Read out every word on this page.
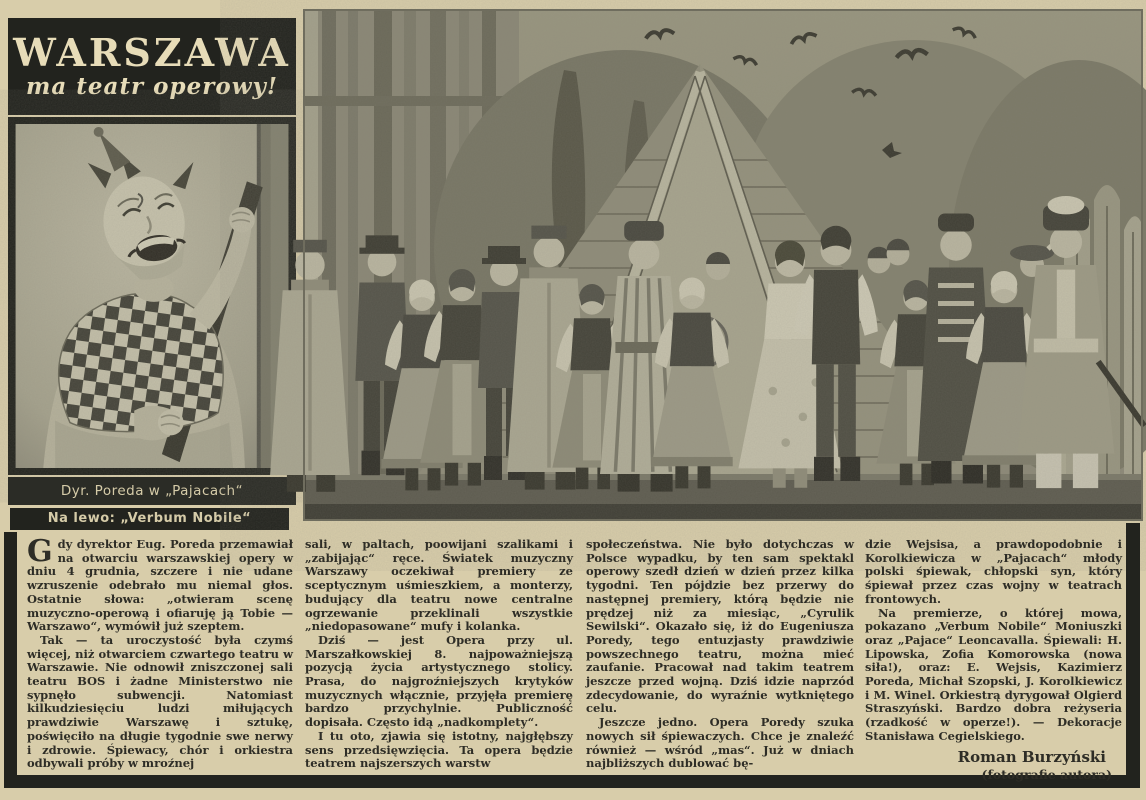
WARSZAWA
ma teatr operowy!
Dyr. Poreda w „Pajacach“
Na lewo: „Verbum Nobile“

Gdy dyrektor Eug. Poreda przemawiał na otwarciu warszawskiej opery w dniu 4 grudnia, szczere i nie udane wzruszenie odebrało mu niemal głos. Ostatnie słowa: „otwieram scenę muzyczno-operową i ofiaruję ją Tobie — Warszawo“, wymówił już szeptem.

Tak — ta uroczystość była czymś więcej, niż otwarciem czwartego teatru w Warszawie. Nie odnowił zniszczonej sali teatru BOS i żadne Ministerstwo nie sypnęło subwencji. Natomiast kilkudziesięciu ludzi miłujących prawdziwie Warszawę i sztukę, poświęciło na długie tygodnie swe nerwy i zdrowie. Śpiewacy, chór i orkiestra odbywali próby w mroźnej

sali, w paltach, poowijani szalikami i „zabijając“ ręce. Światek muzyczny Warszawy oczekiwał premiery ze sceptycznym uśmieszkiem, a monterzy, budujący dla teatru nowe centralne ogrzewanie przeklinali wszystkie „niedopasowane“ mufy i kolanka.

Dziś — jest Opera przy ul. Marszałkowskiej 8. najpoważniejszą pozycją życia artystycznego stolicy. Prasa, do najgroźniejszych krytyków muzycznych włącznie, przyjęła premierę bardzo przychylnie. Publiczność dopisała. Często idą „nadkomplety“.

I tu oto, zjawia się istotny, najgłębszy sens przedsięwzięcia. Ta opera będzie teatrem najszerszych warstw

społeczeństwa. Nie było dotychczas w Polsce wypadku, by ten sam spektakl operowy szedł dzień w dzień przez kilka tygodni. Ten pójdzie bez przerwy do następnej premiery, którą będzie nie prędzej niż za miesiąc, „Cyrulik Sewilski“. Okazało się, iż do Eugeniusza Poredy, tego entuzjasty prawdziwie powszechnego teatru, można mieć zaufanie. Pracował nad takim teatrem jeszcze przed wojną. Dziś idzie naprzód zdecydowanie, do wyraźnie wytkniętego celu.

Jeszcze jedno. Opera Poredy szuka nowych sił śpiewaczych. Chce je znaleźć również — wśród „mas“. Już w dniach najbliższych dublować bę-

dzie Wejsisa, a prawdopodobnie i Korolkiewicza w „Pajacach“ młody polski śpiewak, chłopski syn, który śpiewał przez czas wojny w teatrach frontowych.

Na premierze, o której mowa, pokazano „Verbum Nobile“ Moniuszki oraz „Pajace“ Leoncavalla. Śpiewali: H. Lipowska, Zofia Komorowska (nowa siła!), oraz: E. Wejsis, Kazimierz Poreda, Michał Szopski, J. Korolkiewicz i M. Winel. Orkiestrą dyrygował Olgierd Straszyński. Bardzo dobra reżyseria (rzadkość w operze!). — Dekoracje Stanisława Cegielskiego.

Roman Burzyński

(fotografie autora)
